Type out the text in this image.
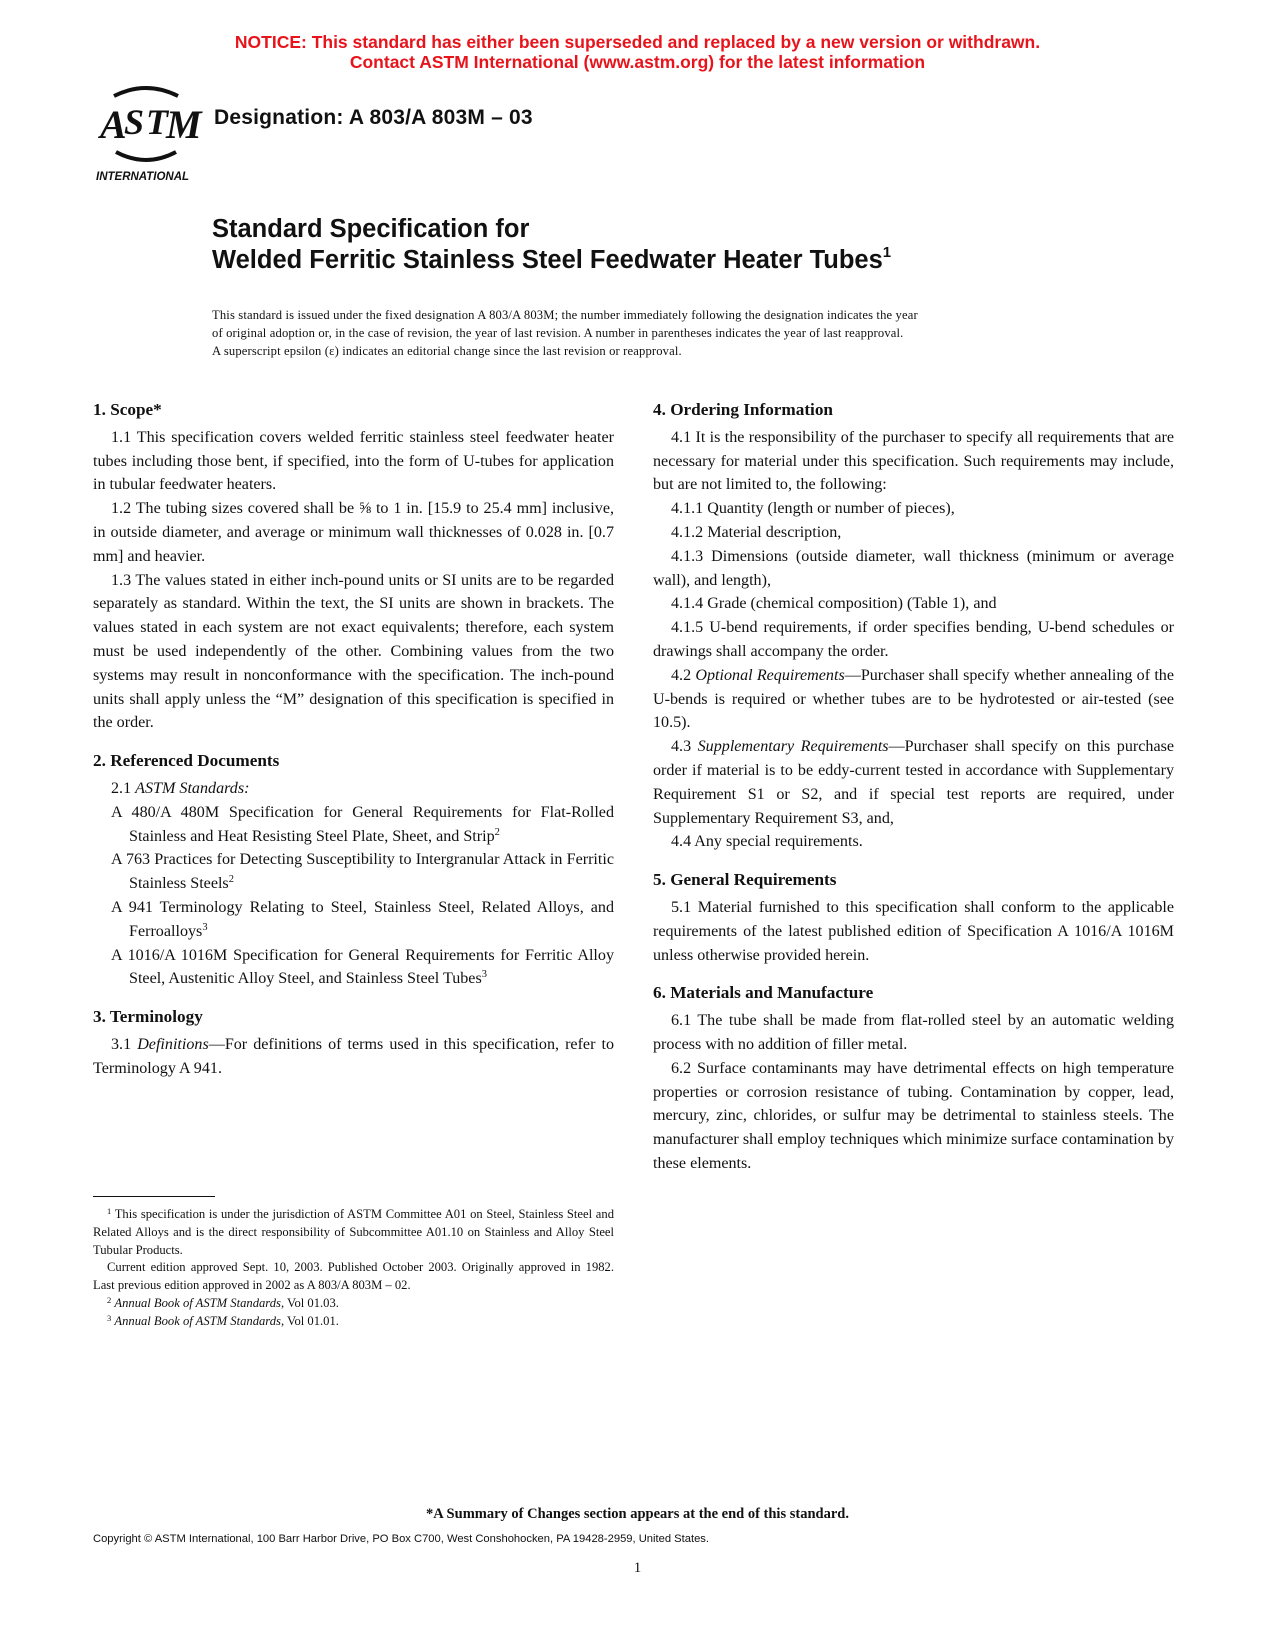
NOTICE: This standard has either been superseded and replaced by a new version or withdrawn.
Contact ASTM International (www.astm.org) for the latest information
A
S T
M
INTERNATIONAL
Designation: A 803/A 803M – 03
Standard Specification for
Welded Ferritic Stainless Steel Feedwater Heater Tubes$^1$
This standard is issued under the fixed designation A 803/A 803M; the number immediately following the designation indicates the year
of original adoption or, in the case of revision, the year of last revision. A number in parentheses indicates the year of last reapproval.
A superscript epsilon (ε) indicates an editorial change since the last revision or reapproval.

1. Scope*

1.1 This specification covers welded ferritic stainless steel feedwater heater tubes including those bent, if specified, into the form of U-tubes for application in tubular feedwater heaters.

1.2 The tubing sizes covered shall be ⅝ to 1 in. [15.9 to 25.4 mm] inclusive, in outside diameter, and average or minimum wall thicknesses of 0.028 in. [0.7 mm] and heavier.

1.3 The values stated in either inch-pound units or SI units are to be regarded separately as standard. Within the text, the SI units are shown in brackets. The values stated in each system are not exact equivalents; therefore, each system must be used independently of the other. Combining values from the two systems may result in nonconformance with the specification. The inch-pound units shall apply unless the “M” designation of this specification is specified in the order.

2. Referenced Documents

2.1 ASTM Standards:

A 480/A 480M Specification for General Requirements for Flat-Rolled Stainless and Heat Resisting Steel Plate, Sheet, and Strip$^2$

A 763 Practices for Detecting Susceptibility to Intergranular Attack in Ferritic Stainless Steels$^2$

A 941 Terminology Relating to Steel, Stainless Steel, Related Alloys, and Ferroalloys$^3$

A 1016/A 1016M Specification for General Requirements for Ferritic Alloy Steel, Austenitic Alloy Steel, and Stainless Steel Tubes$^3$

3. Terminology

3.1 Definitions—For definitions of terms used in this specification, refer to Terminology A 941.

4. Ordering Information

4.1 It is the responsibility of the purchaser to specify all requirements that are necessary for material under this specification. Such requirements may include, but are not limited to, the following:

4.1.1 Quantity (length or number of pieces),

4.1.2 Material description,

4.1.3 Dimensions (outside diameter, wall thickness (minimum or average wall), and length),

4.1.4 Grade (chemical composition) (Table 1), and

4.1.5 U-bend requirements, if order specifies bending, U-bend schedules or drawings shall accompany the order.

4.2 Optional Requirements—Purchaser shall specify whether annealing of the U-bends is required or whether tubes are to be hydrotested or air-tested (see 10.5).

4.3 Supplementary Requirements—Purchaser shall specify on this purchase order if material is to be eddy-current tested in accordance with Supplementary Requirement S1 or S2, and if special test reports are required, under Supplementary Requirement S3, and,

4.4 Any special requirements.

5. General Requirements

5.1 Material furnished to this specification shall conform to the applicable requirements of the latest published edition of Specification A 1016/A 1016M unless otherwise provided herein.

6. Materials and Manufacture

6.1 The tube shall be made from flat-rolled steel by an automatic welding process with no addition of filler metal.

6.2 Surface contaminants may have detrimental effects on high temperature properties or corrosion resistance of tubing. Contamination by copper, lead, mercury, zinc, chlorides, or sulfur may be detrimental to stainless steels. The manufacturer shall employ techniques which minimize surface contamination by these elements.

$^1$ This specification is under the jurisdiction of ASTM Committee A01 on Steel, Stainless Steel and Related Alloys and is the direct responsibility of Subcommittee A01.10 on Stainless and Alloy Steel Tubular Products.

Current edition approved Sept. 10, 2003. Published October 2003. Originally approved in 1982. Last previous edition approved in 2002 as A 803/A 803M – 02.

$^2$ Annual Book of ASTM Standards, Vol 01.03.

$^3$ Annual Book of ASTM Standards, Vol 01.01.

*A Summary of Changes section appears at the end of this standard.
Copyright © ASTM International, 100 Barr Harbor Drive, PO Box C700, West Conshohocken, PA 19428-2959, United States.
1
